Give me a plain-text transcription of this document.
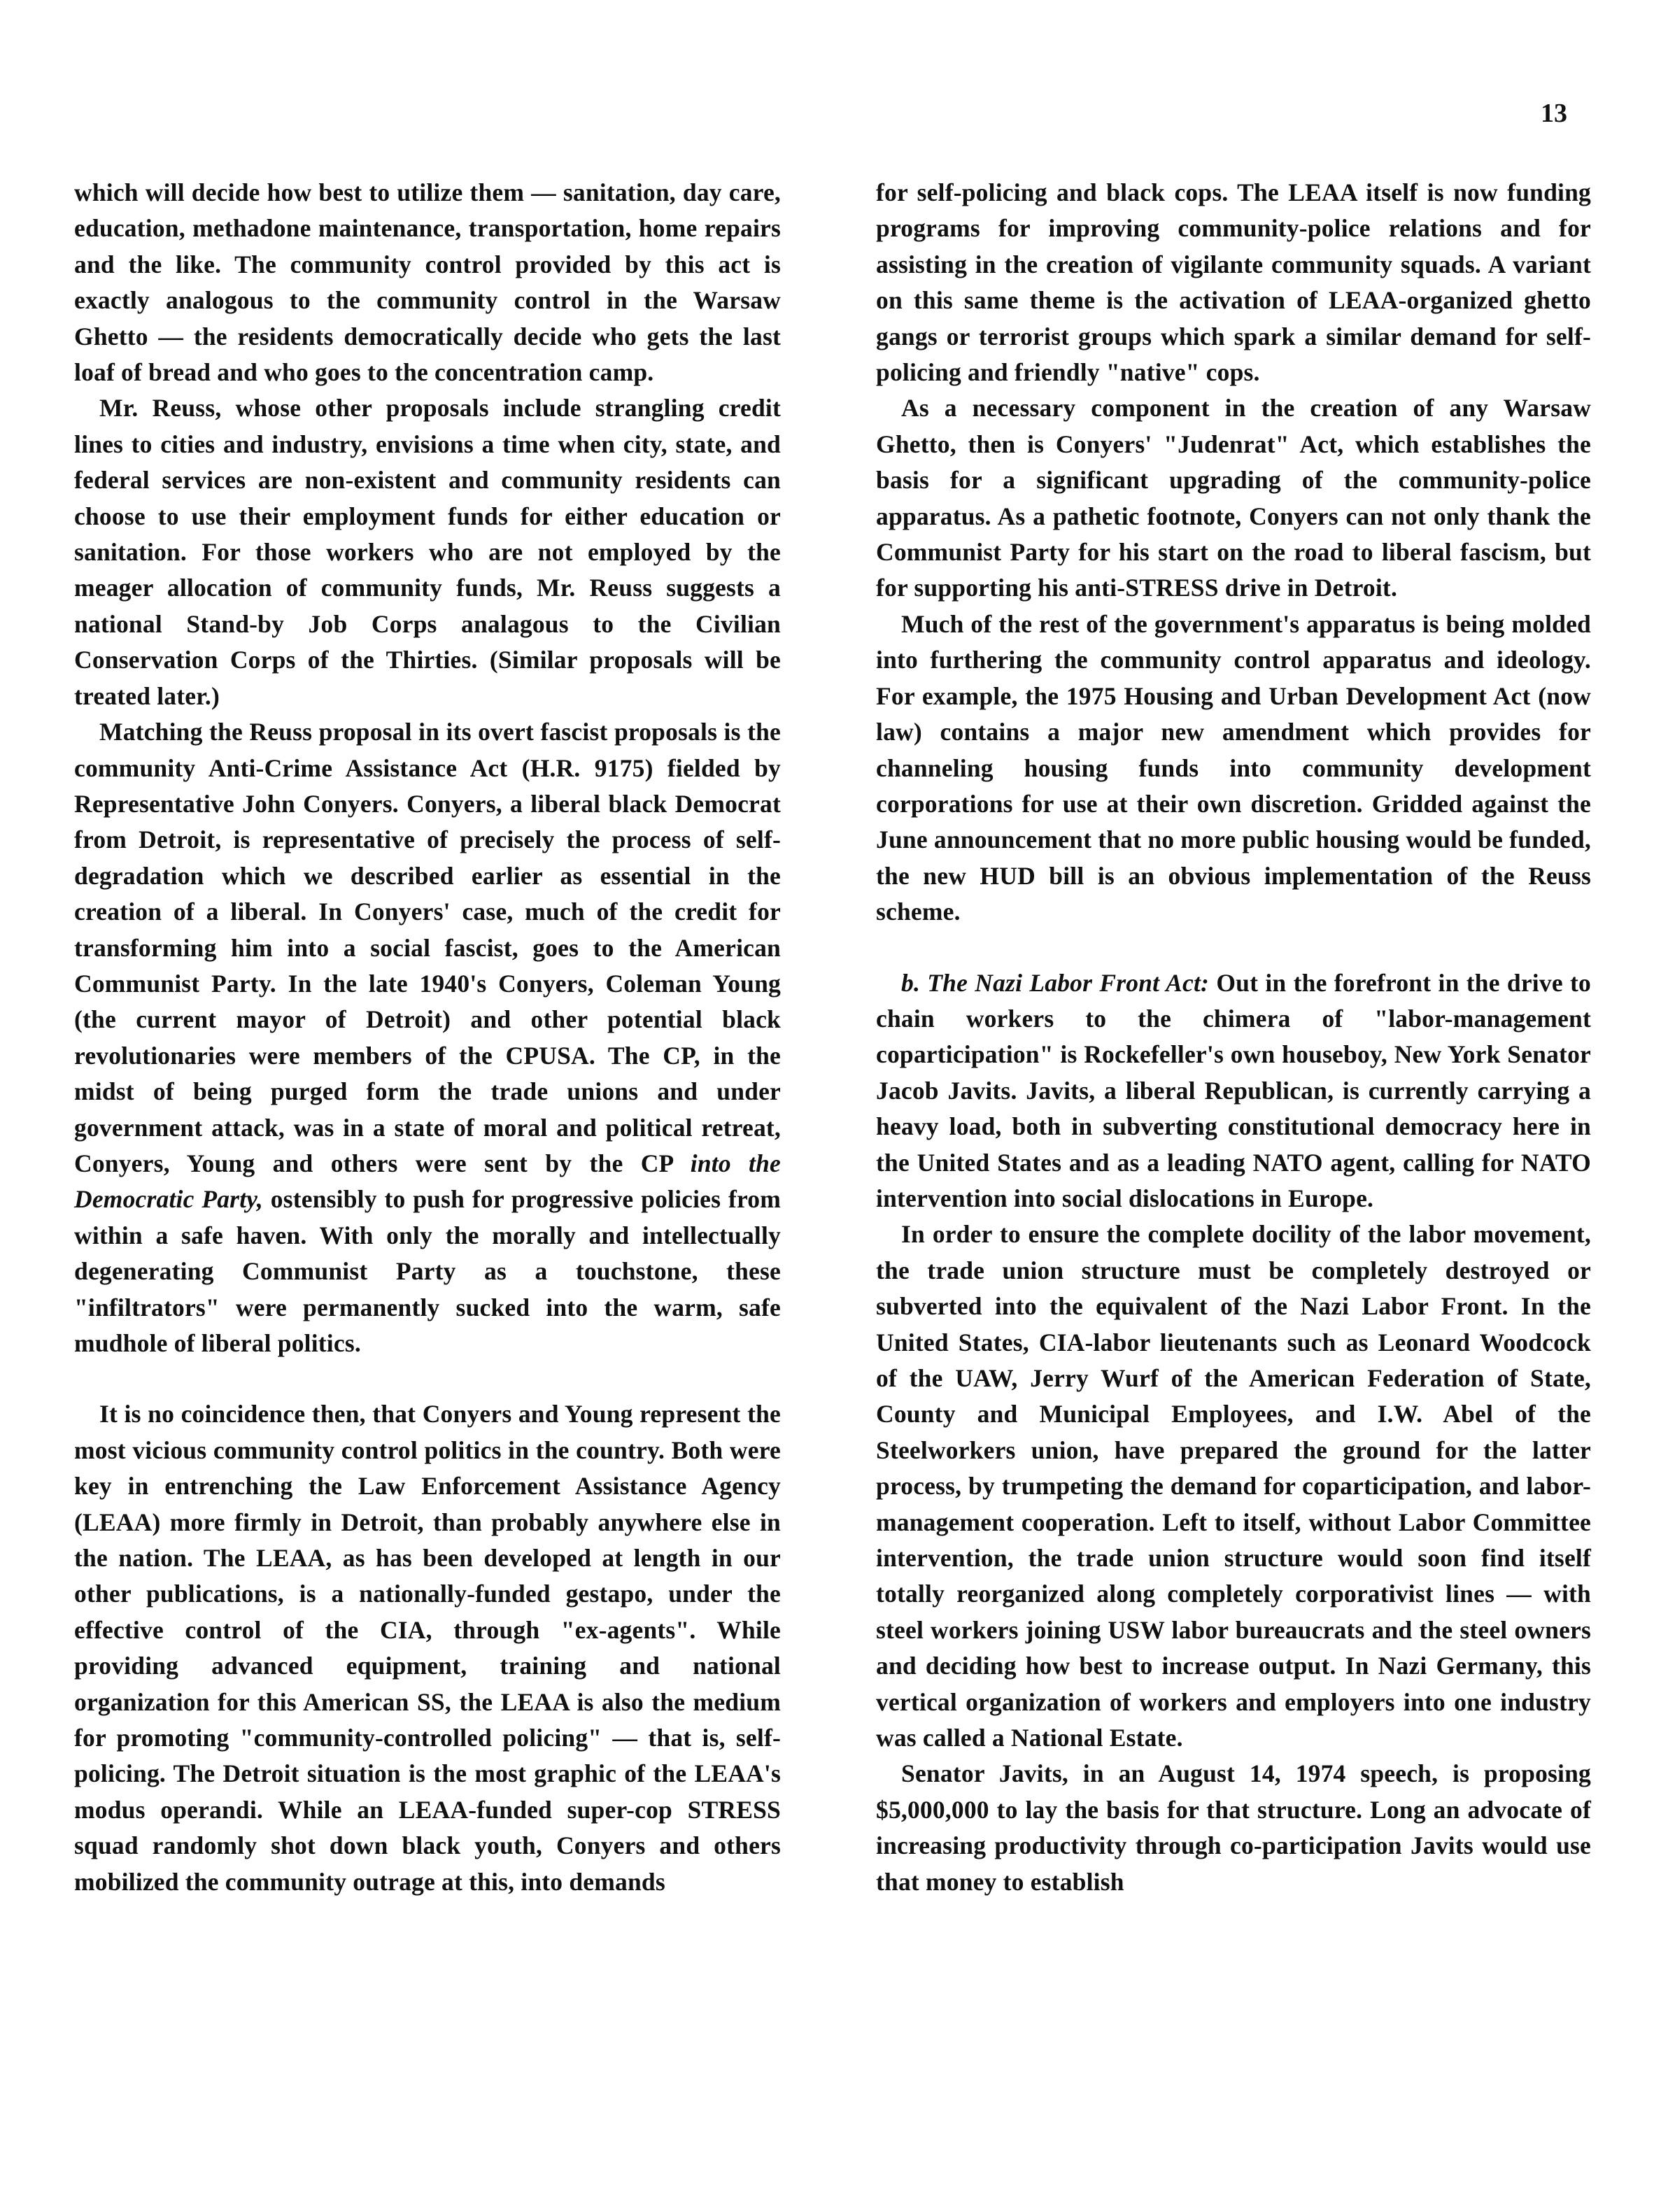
13

which will decide how best to utilize them — sanitation, day care, education, methadone maintenance, transportation, home repairs and the like. The community control provided by this act is exactly analogous to the community control in the Warsaw Ghetto — the residents democratically decide who gets the last loaf of bread and who goes to the concentration camp.

Mr. Reuss, whose other proposals include strangling credit lines to cities and industry, envisions a time when city, state, and federal services are non-existent and community residents can choose to use their employment funds for either education or sanitation. For those workers who are not employed by the meager allocation of community funds, Mr. Reuss suggests a national Stand-by Job Corps analagous to the Civilian Conservation Corps of the Thirties. (Similar proposals will be treated later.)

Matching the Reuss proposal in its overt fascist proposals is the community Anti-Crime Assistance Act (H.R. 9175) fielded by Representative John Conyers. Conyers, a liberal black Democrat from Detroit, is representative of precisely the process of self-degradation which we described earlier as essential in the creation of a liberal. In Conyers' case, much of the credit for transforming him into a social fascist, goes to the American Communist Party. In the late 1940's Conyers, Coleman Young (the current mayor of Detroit) and other potential black revolutionaries were members of the CPUSA. The CP, in the midst of being purged form the trade unions and under government attack, was in a state of moral and political retreat, Conyers, Young and others were sent by the CP into the Democratic Party, ostensibly to push for progressive policies from within a safe haven. With only the morally and intellectually degenerating Communist Party as a touchstone, these "infiltrators" were permanently sucked into the warm, safe mudhole of liberal politics.

It is no coincidence then, that Conyers and Young represent the most vicious community control politics in the country. Both were key in entrenching the Law Enforcement Assistance Agency (LEAA) more firmly in Detroit, than probably anywhere else in the nation. The LEAA, as has been developed at length in our other publications, is a nationally-funded gestapo, under the effective control of the CIA, through "ex-agents". While providing advanced equipment, training and national organization for this American SS, the LEAA is also the medium for promoting "community-controlled policing" — that is, self-policing. The Detroit situation is the most graphic of the LEAA's modus operandi. While an LEAA-funded super-cop STRESS squad randomly shot down black youth, Conyers and others mobilized the community outrage at this, into demands

for self-policing and black cops. The LEAA itself is now funding programs for improving community-police relations and for assisting in the creation of vigilante community squads. A variant on this same theme is the activation of LEAA-organized ghetto gangs or terrorist groups which spark a similar demand for self-policing and friendly "native" cops.

As a necessary component in the creation of any Warsaw Ghetto, then is Conyers' "Judenrat" Act, which establishes the basis for a significant upgrading of the community-police apparatus. As a pathetic footnote, Conyers can not only thank the Communist Party for his start on the road to liberal fascism, but for supporting his anti-STRESS drive in Detroit.

Much of the rest of the government's apparatus is being molded into furthering the community control apparatus and ideology. For example, the 1975 Housing and Urban Development Act (now law) contains a major new amendment which provides for channeling housing funds into community development corporations for use at their own discretion. Gridded against the June announcement that no more public housing would be funded, the new HUD bill is an obvious implementation of the Reuss scheme.

b. The Nazi Labor Front Act: Out in the forefront in the drive to chain workers to the chimera of "labor-management coparticipation" is Rockefeller's own houseboy, New York Senator Jacob Javits. Javits, a liberal Republican, is currently carrying a heavy load, both in subverting constitutional democracy here in the United States and as a leading NATO agent, calling for NATO intervention into social dislocations in Europe.

In order to ensure the complete docility of the labor movement, the trade union structure must be completely destroyed or subverted into the equivalent of the Nazi Labor Front. In the United States, CIA-labor lieutenants such as Leonard Woodcock of the UAW, Jerry Wurf of the American Federation of State, County and Municipal Employees, and I.W. Abel of the Steelworkers union, have prepared the ground for the latter process, by trumpeting the demand for coparticipation, and labor-management cooperation. Left to itself, without Labor Committee intervention, the trade union structure would soon find itself totally reorganized along completely corporativist lines — with steel workers joining USW labor bureaucrats and the steel owners and deciding how best to increase output. In Nazi Germany, this vertical organization of workers and employers into one industry was called a National Estate.

Senator Javits, in an August 14, 1974 speech, is proposing $5,000,000 to lay the basis for that structure. Long an advocate of increasing productivity through co-participation Javits would use that money to establish
